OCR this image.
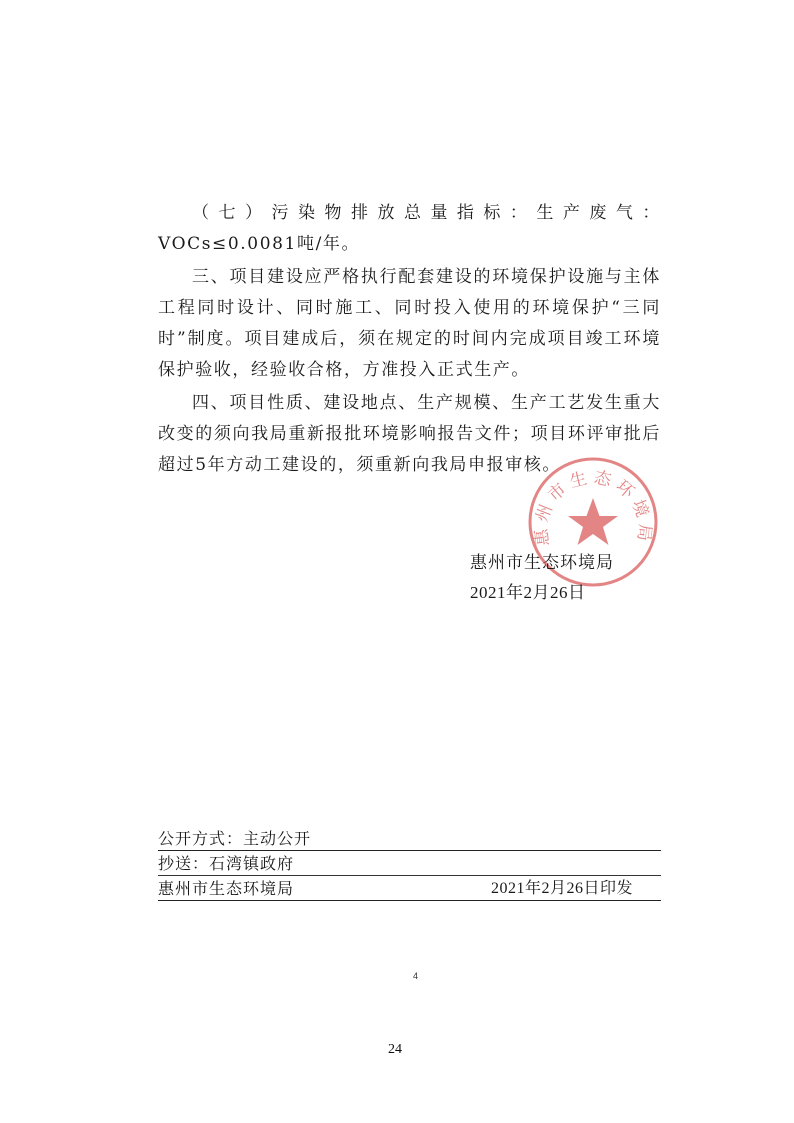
（七）污染物排放总量指标：生产废气：VOCs≤0.0081吨/年。

三、项目建设应严格执行配套建设的环境保护设施与主体工程同时设计、同时施工、同时投入使用的环境保护“三同时”制度。项目建成后，须在规定的时间内完成项目竣工环境保护验收，经验收合格，方准投入正式生产。

四、项目性质、建设地点、生产规模、生产工艺发生重大改变的须向我局重新报批环境影响报告文件；项目环评审批后超过5年方动工建设的，须重新向我局申报审核。

惠州市生态环境局
惠州市生态环境局
2021年2月26日
公开方式：主动公开
抄送：石湾镇政府
惠州市生态环境局	2021年2月26日印发
4
24
